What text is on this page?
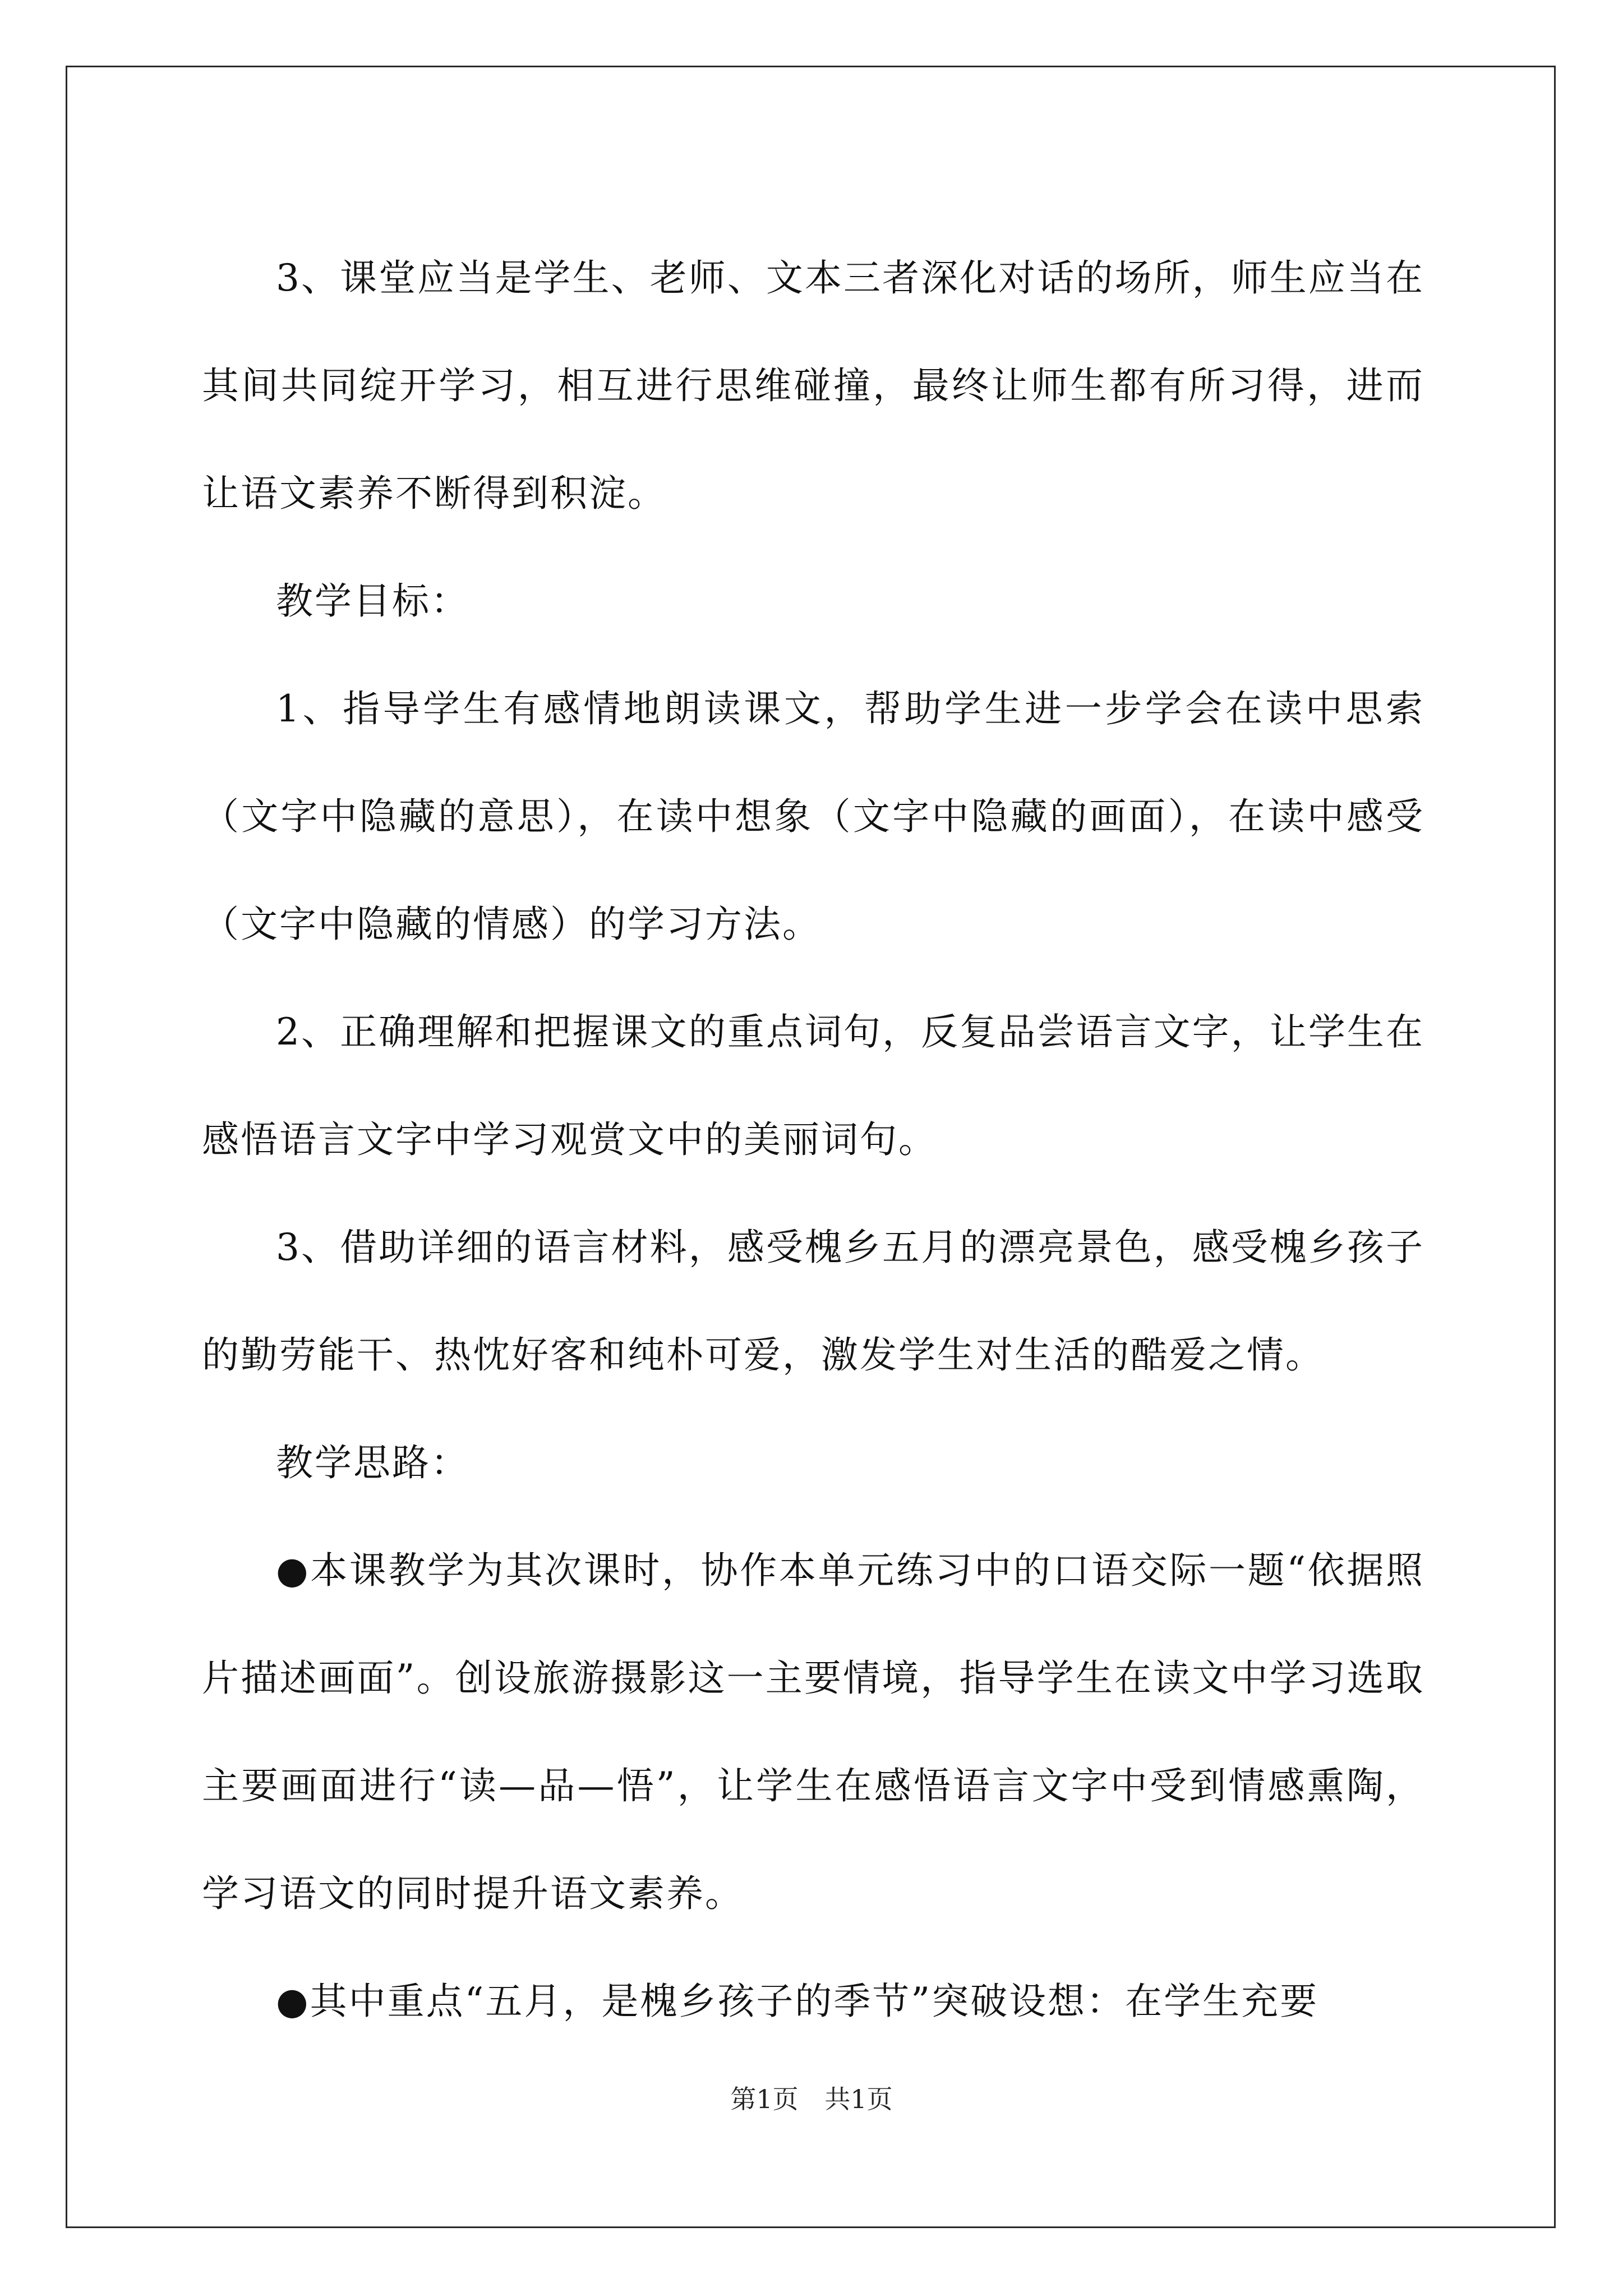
3、课堂应当是学生、老师、文本三者深化对话的场所，师生应当在其间共同绽开学习，相互进行思维碰撞，最终让师生都有所习得，进而让语文素养不断得到积淀。

教学目标：

1、指导学生有感情地朗读课文，帮助学生进一步学会在读中思索（文字中隐藏的意思），在读中想象（文字中隐藏的画面），在读中感受（文字中隐藏的情感）的学习方法。

2、正确理解和把握课文的重点词句，反复品尝语言文字，让学生在感悟语言文字中学习观赏文中的美丽词句。

3、借助详细的语言材料，感受槐乡五月的漂亮景色，感受槐乡孩子的勤劳能干、热忱好客和纯朴可爱，激发学生对生活的酷爱之情。

教学思路：

●本课教学为其次课时，协作本单元练习中的口语交际一题“依据照片描述画面”。创设旅游摄影这一主要情境，指导学生在读文中学习选取主要画面进行“读—品—悟”，让学生在感悟语言文字中受到情感熏陶，学习语文的同时提升语文素养。

●其中重点“五月，是槐乡孩子的季节”突破设想：在学生充要

第1页 共1页
